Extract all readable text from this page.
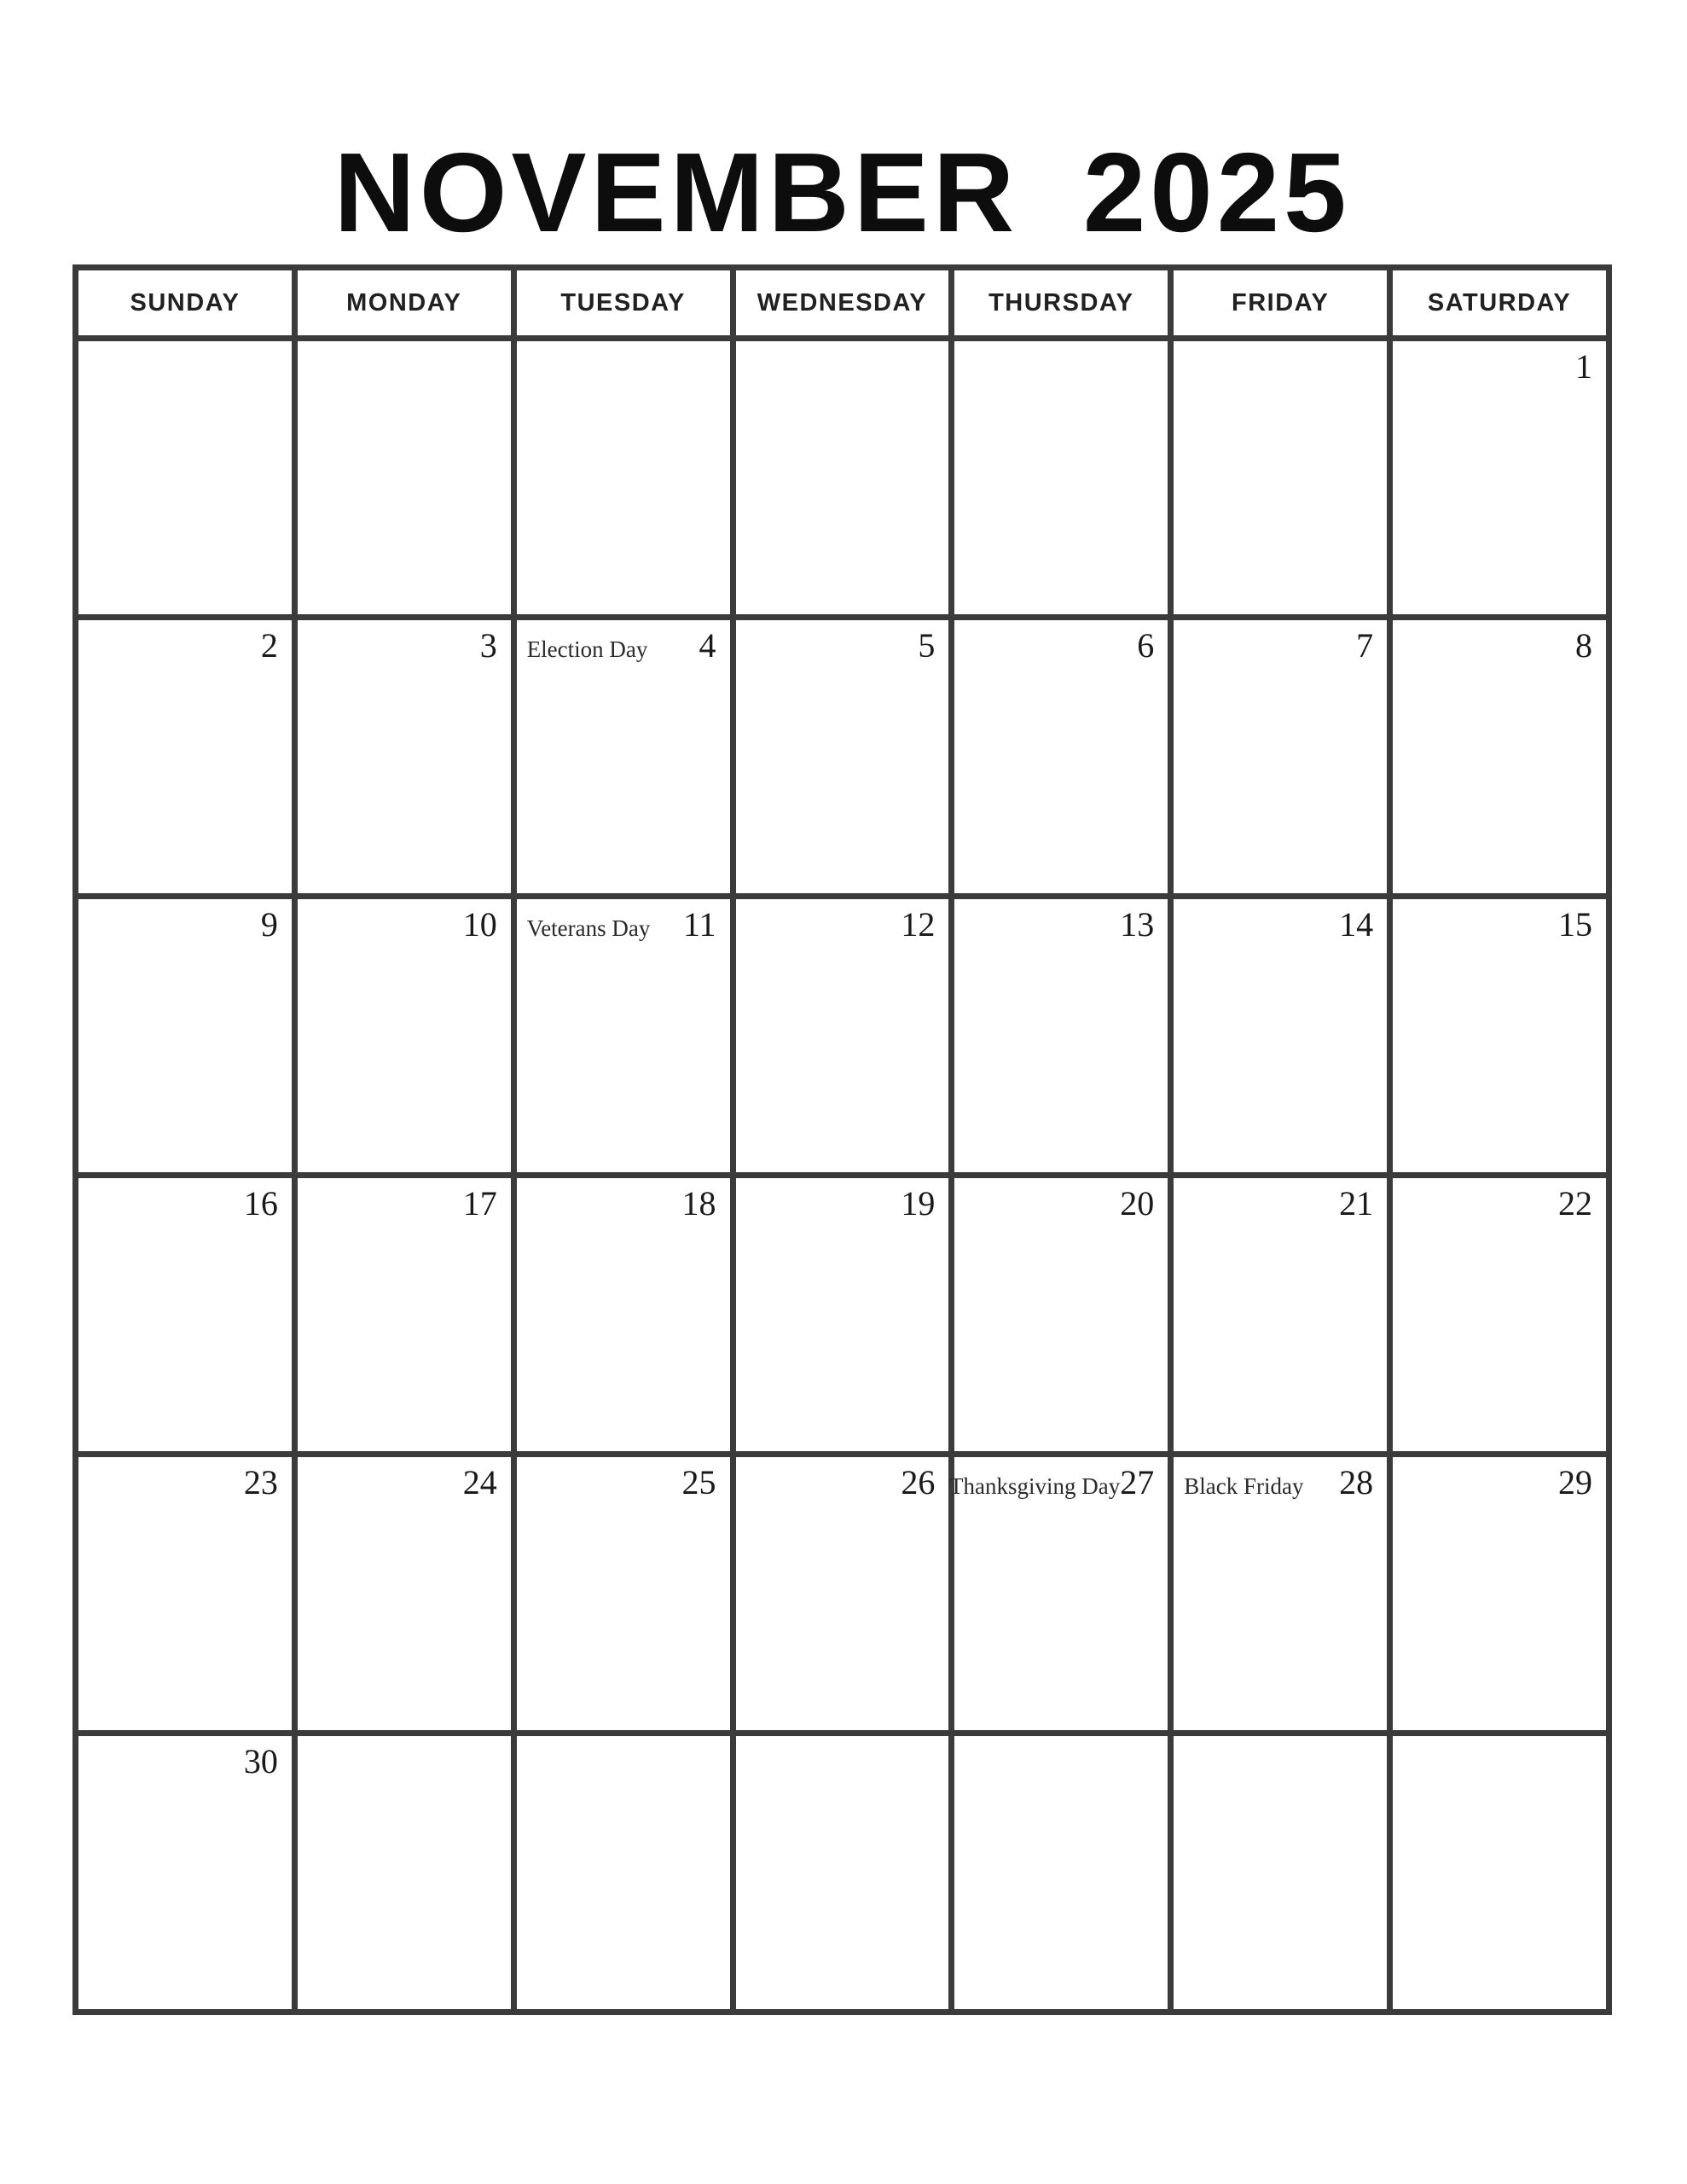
NOVEMBER 2025
SUNDAY	MONDAY	TUESDAY	WEDNESDAY	THURSDAY	FRIDAY	SATURDAY

						1

2	3	Election Day 4	5	6	7	8

9	10	Veterans Day 11	12	13	14	15

16	17	18	19	20	21	22

23	24	25	26	Thanksgiving Day 27	Black Friday 28	29

30						
